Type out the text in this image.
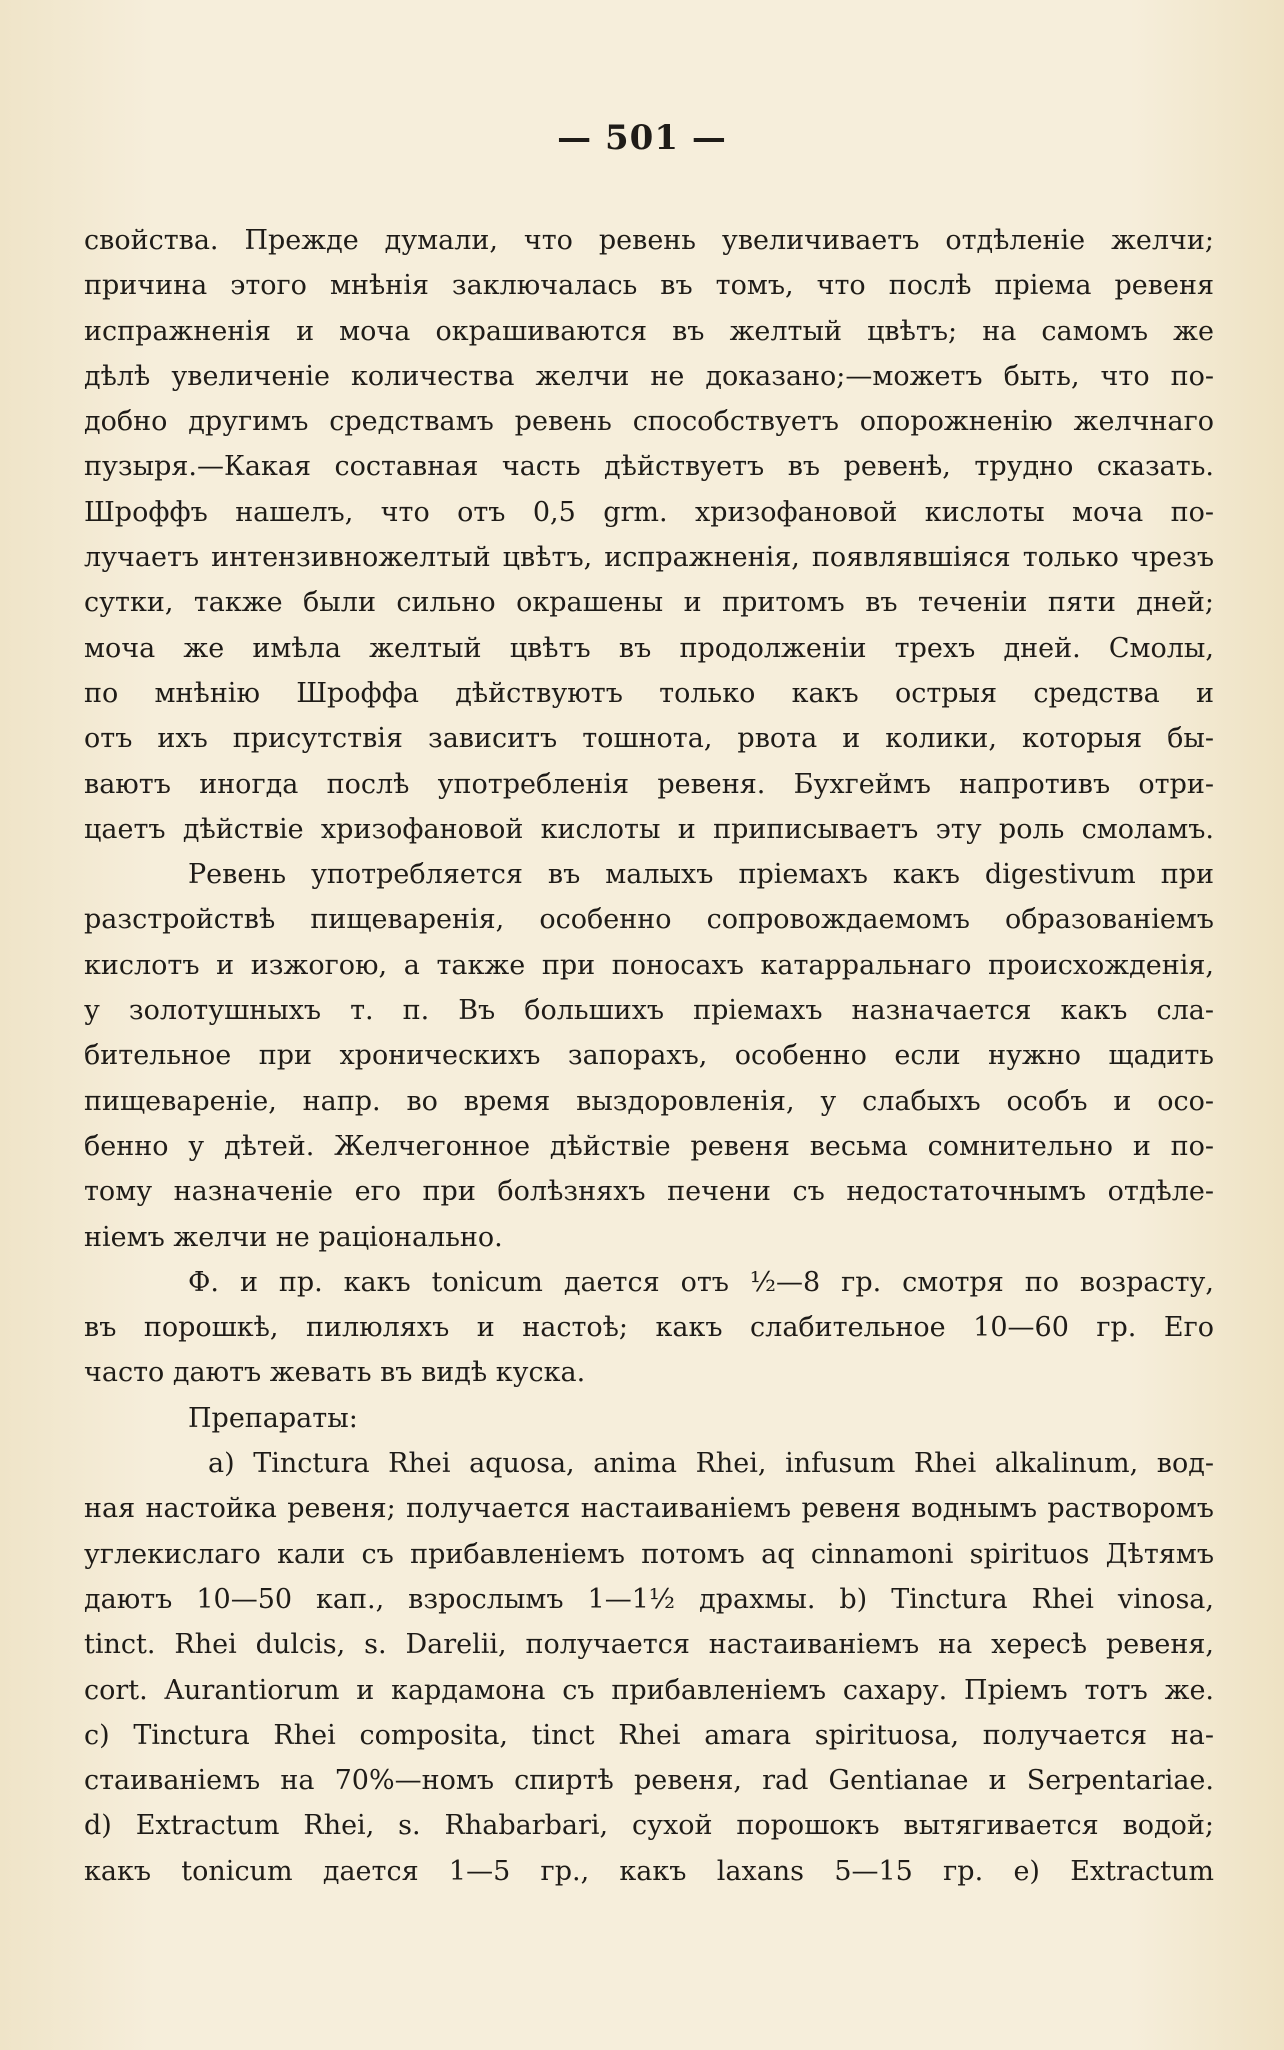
— 501 —
свойства. Прежде думали, что ревень увеличиваетъ отдѣленіе желчи;
причина этого мнѣнія заключалась въ томъ, что послѣ пріема ревеня
испражненія и моча окрашиваются въ желтый цвѣтъ; на самомъ же
дѣлѣ увеличеніе количества желчи не доказано;—можетъ быть, что по-
добно другимъ средствамъ ревень способствуетъ опорожненію желчнаго
пузыря.—Какая составная часть дѣйствуетъ въ ревенѣ, трудно сказать.
Шроффъ нашелъ, что отъ 0,5 grm. хризофановой кислоты моча по-
лучаетъ интензивножелтый цвѣтъ, испражненія, появлявшіяся только чрезъ
сутки, также были сильно окрашены и притомъ въ теченіи пяти дней;
моча же имѣла желтый цвѣтъ въ продолженіи трехъ дней. Смолы,
по мнѣнію Шроффа дѣйствуютъ только какъ острыя средства и
отъ ихъ присутствія зависитъ тошнота, рвота и колики, которыя бы-
ваютъ иногда послѣ употребленія ревеня. Бухгеймъ напротивъ отри-
цаетъ дѣйствіе хризофановой кислоты и приписываетъ эту роль смоламъ.
Ревень употребляется въ малыхъ пріемахъ какъ digestivum при
разстройствѣ пищеваренія, особенно сопровождаемомъ образованіемъ
кислотъ и изжогою, а также при поносахъ катарральнаго происхожденія,
у золотушныхъ т. п. Въ большихъ пріемахъ назначается какъ сла-
бительное при хроническихъ запорахъ, особенно если нужно щадить
пищевареніе, напр. во время выздоровленія, у слабыхъ особъ и осо-
бенно у дѣтей. Желчегонное дѣйствіе ревеня весьма сомнительно и по-
тому назначеніе его при болѣзняхъ печени съ недостаточнымъ отдѣле-
ніемъ желчи не раціонально.
Ф. и пр. какъ tonicum дается отъ ½—8 гр. смотря по возрасту,
въ порошкѣ, пилюляхъ и настоѣ; какъ слабительное 10—60 гр. Его
часто даютъ жевать въ видѣ куска.
Препараты:
a) Tinctura Rhei aquosa, anima Rhei, infusum Rhei alkalinum, вод-
ная настойка ревеня; получается настаиваніемъ ревеня воднымъ растворомъ
углекислаго кали съ прибавленіемъ потомъ aq cinnamoni spirituos Дѣтямъ
даютъ 10—50 кап., взрослымъ 1—1½ драхмы. b) Tinctura Rhei vinosa,
tinct. Rhei dulcis, s. Darelii, получается настаиваніемъ на хересѣ ревеня,
cort. Aurantiorum и кардамона съ прибавленіемъ сахару. Пріемъ тотъ же.
c) Tinctura Rhei composita, tinct Rhei amara spirituosa, получается на-
стаиваніемъ на 70%—номъ спиртѣ ревеня, rad Gentianae и Serpentariae.
d) Extractum Rhei, s. Rhabarbari, сухой порошокъ вытягивается водой;
какъ tonicum дается 1—5 гр., какъ laxans 5—15 гр. e) Extractum
